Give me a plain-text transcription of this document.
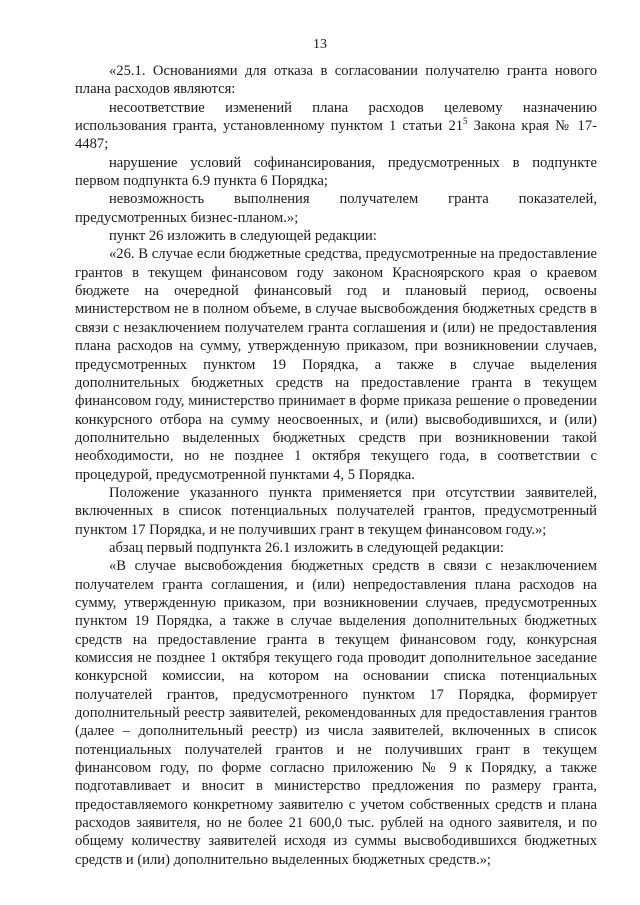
13

«25.1. Основаниями для отказа в согласовании получателю гранта нового плана расходов являются:

несоответствие изменений плана расходов целевому назначению использования гранта, установленному пунктом 1 статьи $21^5$ Закона края № 17-4487;

нарушение условий софинансирования, предусмотренных в подпункте первом подпункта 6.9 пункта 6 Порядка;

невозможность выполнения получателем гранта показателей, предусмотренных бизнес-планом.»;

пункт 26 изложить в следующей редакции:

«26. В случае если бюджетные средства, предусмотренные на предоставление грантов в текущем финансовом году законом Красноярского края о краевом бюджете на очередной финансовый год и плановый период, освоены министерством не в полном объеме, в случае высвобождения бюджетных средств в связи с незаключением получателем гранта соглашения и (или) не предоставления плана расходов на сумму, утвержденную приказом, при возникновении случаев, предусмотренных пунктом 19 Порядка, а также в случае выделения дополнительных бюджетных средств на предоставление гранта в текущем финансовом году, министерство принимает в форме приказа решение о проведении конкурсного отбора на сумму неосвоенных, и (или) высвободившихся, и (или) дополнительно выделенных бюджетных средств при возникновении такой необходимости, но не позднее 1 октября текущего года, в соответствии с процедурой, предусмотренной пунктами 4, 5 Порядка.

Положение указанного пункта применяется при отсутствии заявителей, включенных в список потенциальных получателей грантов, предусмотренный пунктом 17 Порядка, и не получивших грант в текущем финансовом году.»;

абзац первый подпункта 26.1 изложить в следующей редакции:

«В случае высвобождения бюджетных средств в связи с незаключением получателем гранта соглашения, и (или) непредоставления плана расходов на сумму, утвержденную приказом, при возникновении случаев, предусмотренных пунктом 19 Порядка, а также в случае выделения дополнительных бюджетных средств на предоставление гранта в текущем финансовом году, конкурсная комиссия не позднее 1 октября текущего года проводит дополнительное заседание конкурсной комиссии, на котором на основании списка потенциальных получателей грантов, предусмотренного пунктом 17 Порядка, формирует дополнительный реестр заявителей, рекомендованных для предоставления грантов (далее – дополнительный реестр) из числа заявителей, включенных в список потенциальных получателей грантов и не получивших грант в текущем финансовом году, по форме согласно приложению № 9 к Порядку, а также подготавливает и вносит в министерство предложения по размеру гранта, предоставляемого конкретному заявителю с учетом собственных средств и плана расходов заявителя, но не более 21 600,0 тыс. рублей на одного заявителя, и по общему количеству заявителей исходя из суммы высвободившихся бюджетных средств и (или) дополнительно выделенных бюджетных средств.»;
